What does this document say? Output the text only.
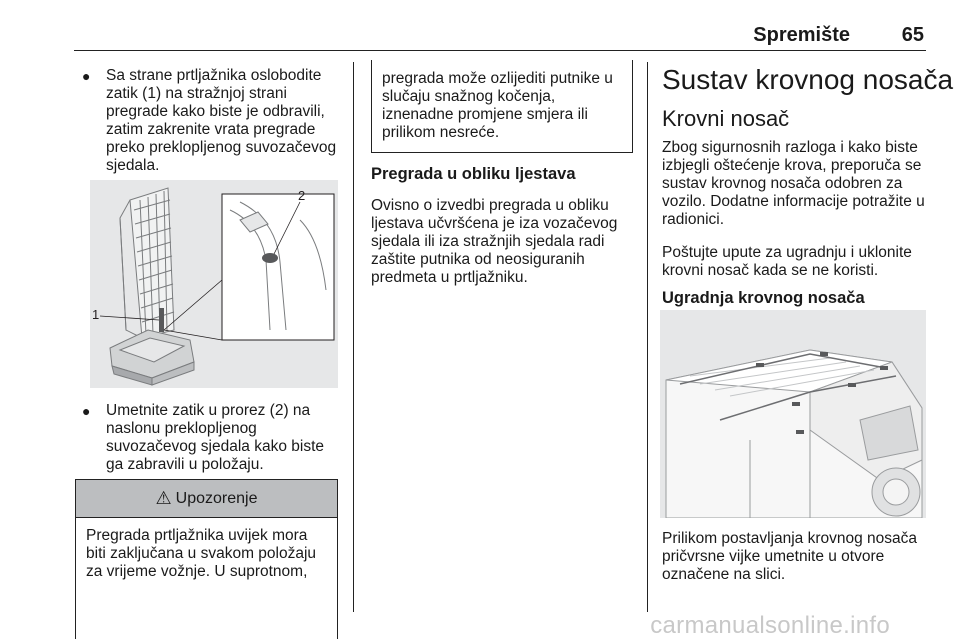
Spremište	65
● Sa strane prtljažnika oslobodite zatik (1) na stražnjoj strani pregrade kako biste je odbravili, zatim zakrenite vrata pregrade preko preklopljenog suvozačevog sjedala.
1
2
● Umetnite zatik u prorez (2) na naslonu preklopljenog suvozačevog sjedala kako biste ga zabravili u položaju.
⚠ Upozorenje
Pregrada prtljažnika uvijek mora biti zaključana u svakom položaju za vrijeme vožnje. U suprotnom,
pregrada može ozlijediti putnike u slučaju snažnog kočenja, iznenadne promjene smjera ili prilikom nesreće.
Pregrada u obliku ljestava
Ovisno o izvedbi pregrada u obliku ljestava učvršćena je iza vozačevog sjedala ili iza stražnjih sjedala radi zaštite putnika od neosiguranih predmeta u prtljažniku.
Sustav krovnog nosača
Krovni nosač
Zbog sigurnosnih razloga i kako biste izbjegli oštećenje krova, preporuča se sustav krovnog nosača odobren za vozilo. Dodatne informacije potražite u radionici.
Poštujte upute za ugradnju i uklonite krovni nosač kada se ne koristi.
Ugradnja krovnog nosača
Prilikom postavljanja krovnog nosača pričvrsne vijke umetnite u otvore označene na slici.
carmanualsonline.info
